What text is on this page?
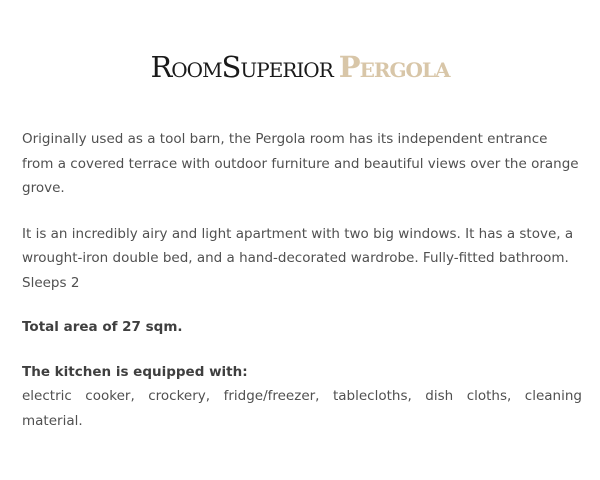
RoomSuperior Pergola

Originally used as a tool barn, the Pergola room has its independent entrance from a covered terrace with outdoor furniture and beautiful views over the orange grove.

It is an incredibly airy and light apartment with two big windows. It has a stove, a wrought-iron double bed, and a hand-decorated wardrobe. Fully-fitted bathroom. Sleeps 2

Total area of 27 sqm.
The kitchen is equipped with:
electric cooker, crockery, fridge/freezer, tablecloths, dish cloths, cleaning material.
